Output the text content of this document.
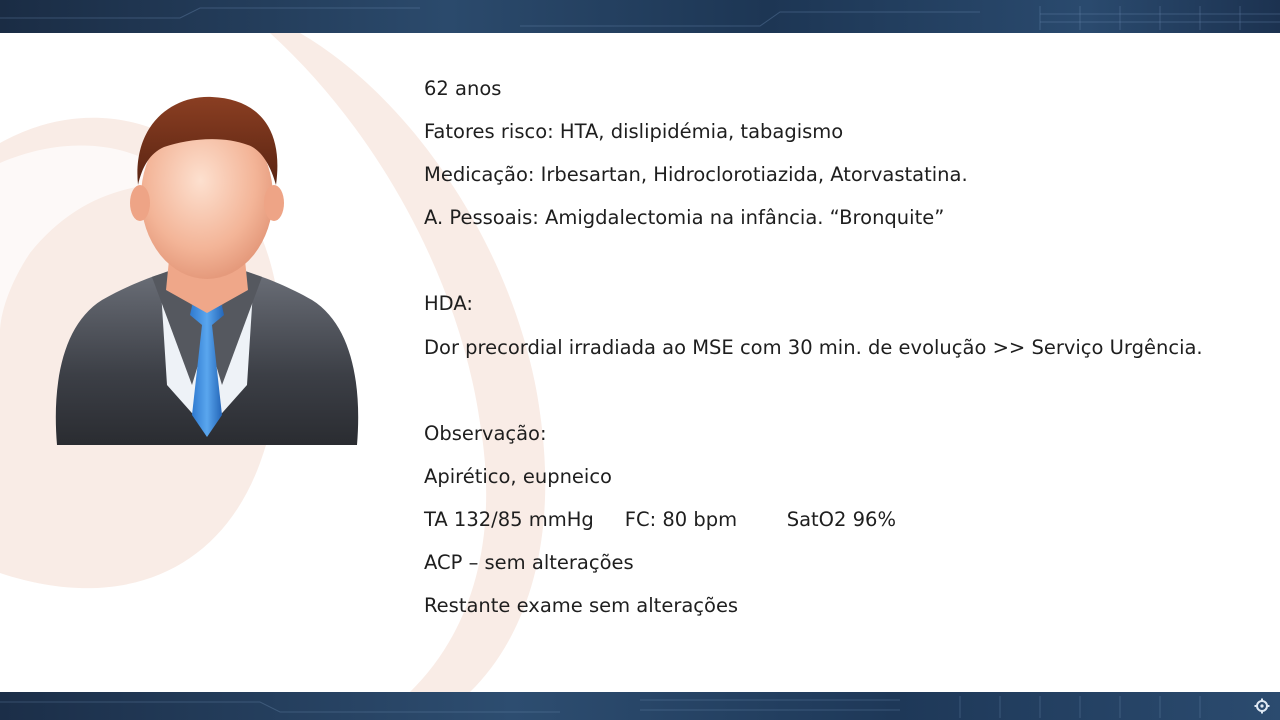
62 anos
Fatores risco: HTA, dislipidémia, tabagismo
Medicação: Irbesartan, Hidroclorotiazida, Atorvastatina.
A. Pessoais: Amigdalectomia na infância. “Bronquite”
HDA:
Dor precordial irradiada ao MSE com 30 min. de evolução >> Serviço Urgência.
Observação:
Apirético, eupneico
TA 132/85 mmHg     FC: 80 bpm        SatO2 96%
ACP – sem alterações
Restante exame sem alterações
